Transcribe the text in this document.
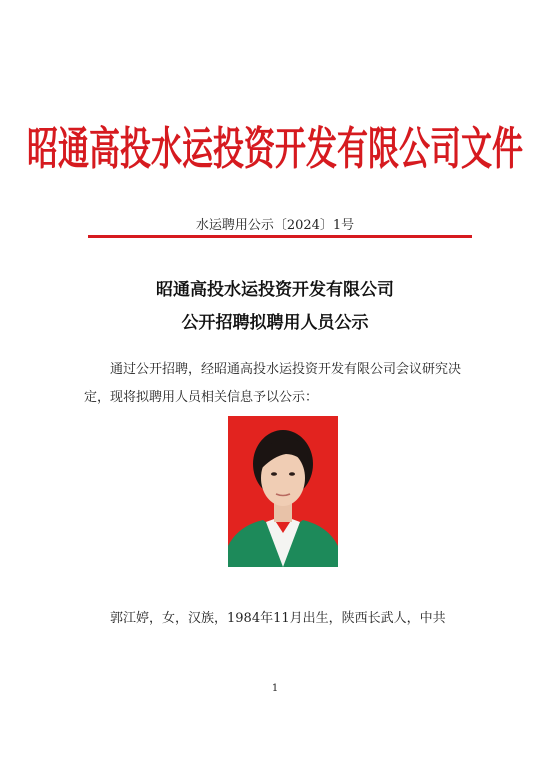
昭通高投水运投资开发有限公司文件
水运聘用公示〔2024〕1号
昭通高投水运投资开发有限公司
公开招聘拟聘用人员公示
通过公开招聘，经昭通高投水运投资开发有限公司会议研究决定，现将拟聘用人员相关信息予以公示：
郭江婷，女，汉族，1984年11月出生，陕西长武人，中共
1
